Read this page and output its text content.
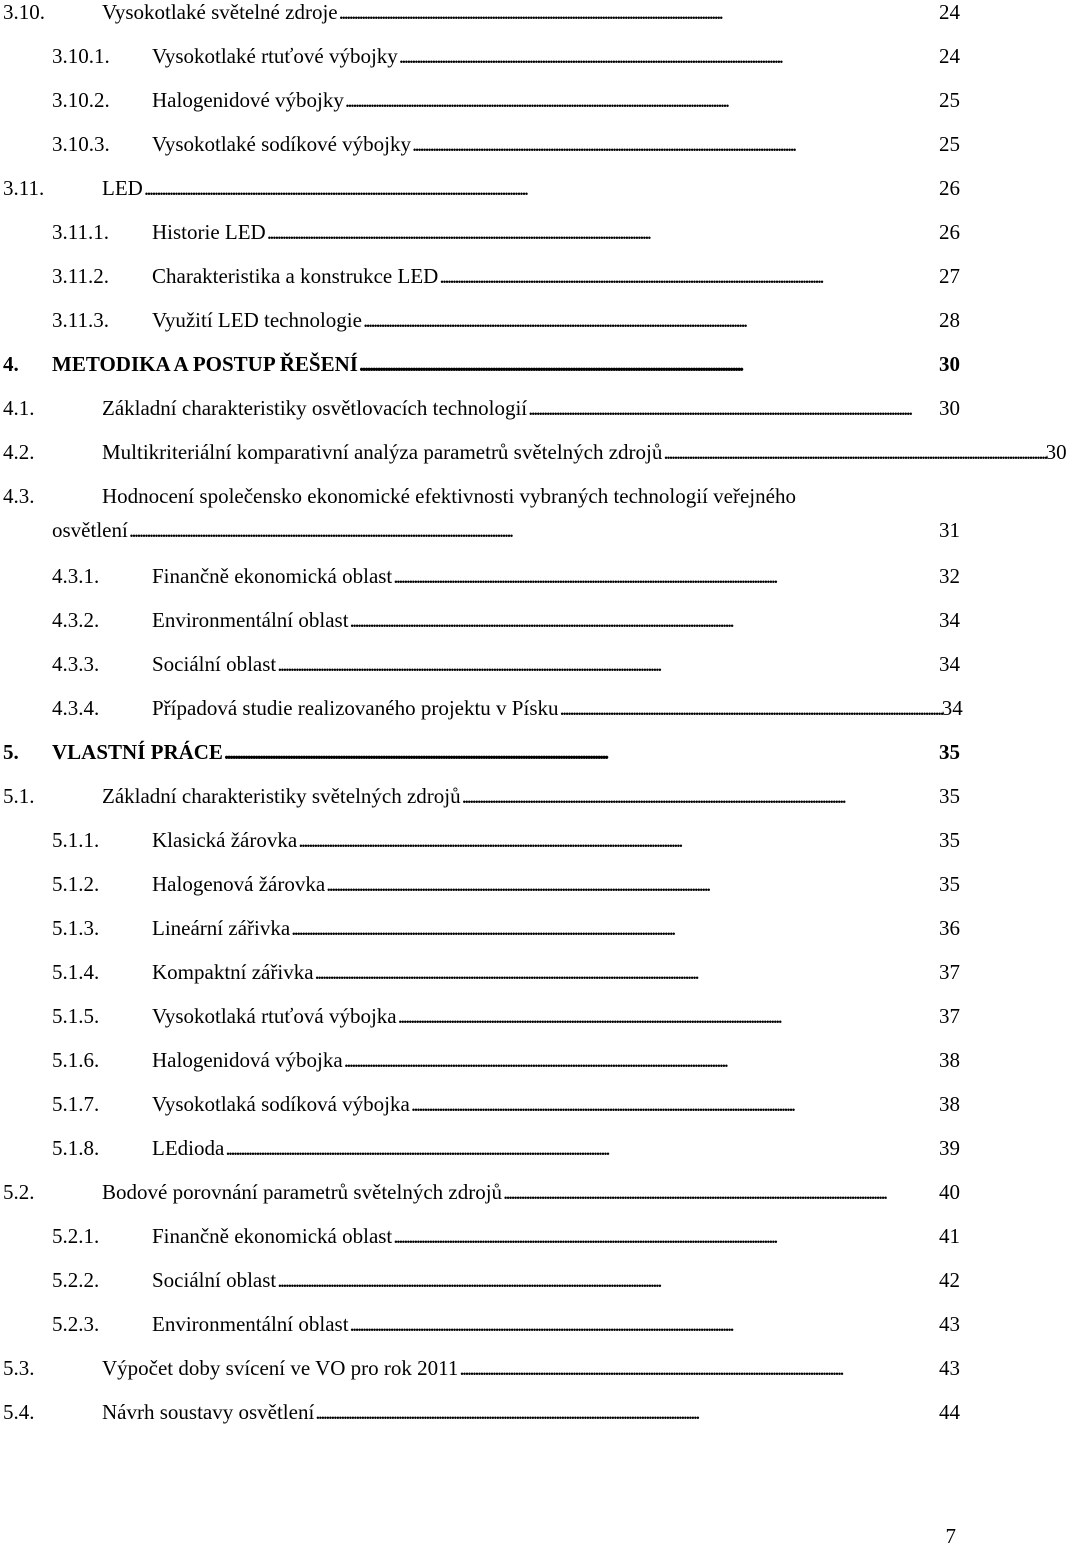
3.10.	Vysokotlaké světelné zdroje . . .	24
3.10.1. Vysokotlaké rtuťové výbojky . . .	24
3.10.2. Halogenidové výbojky . . .	25
3.10.3. Vysokotlaké sodíkové výbojky . . .	25
3.11.	LED . . .	26
3.11.1. Historie LED . . .	26
3.11.2. Charakteristika a konstrukce LED . . .	27
3.11.3. Využití LED technologie . . .	28
4. METODIKA A POSTUP ŘEŠENÍ . . .	30
4.1.	Základní charakteristiky osvětlovacích technologií . . .	30
4.2.	Multikriteriální komparativní analýza parametrů světelných zdrojů . . .	30
4.3.	Hodnocení společensko ekonomické efektivnosti vybraných technologií veřejného
osvětlení . . .	31
4.3.1.	Finančně ekonomická oblast . . .	32
4.3.2.	Environmentální oblast . . .	34
4.3.3.	Sociální oblast . . .	34
4.3.4.	Případová studie realizovaného projektu v Písku . . .	34
5. VLASTNÍ PRÁCE . . .	35
5.1.	Základní charakteristiky světelných zdrojů . . .	35
5.1.1.	Klasická žárovka . . .	35
5.1.2.	Halogenová žárovka . . .	35
5.1.3.	Lineární zářivka . . .	36
5.1.4.	Kompaktní zářivka . . .	37
5.1.5.	Vysokotlaká rtuťová výbojka . . .	37
5.1.6.	Halogenidová výbojka . . .	38
5.1.7.	Vysokotlaká sodíková výbojka . . .	38
5.1.8.	LEdioda . . .	39
5.2.	Bodové porovnání parametrů světelných zdrojů . . .	40
5.2.1.	Finančně ekonomická oblast . . .	41
5.2.2.	Sociální oblast . . .	42
5.2.3.	Environmentální oblast . . .	43
5.3.	Výpočet doby svícení ve VO pro rok 2011 . . .	43
5.4.	Návrh soustavy osvětlení . . .	44
7
